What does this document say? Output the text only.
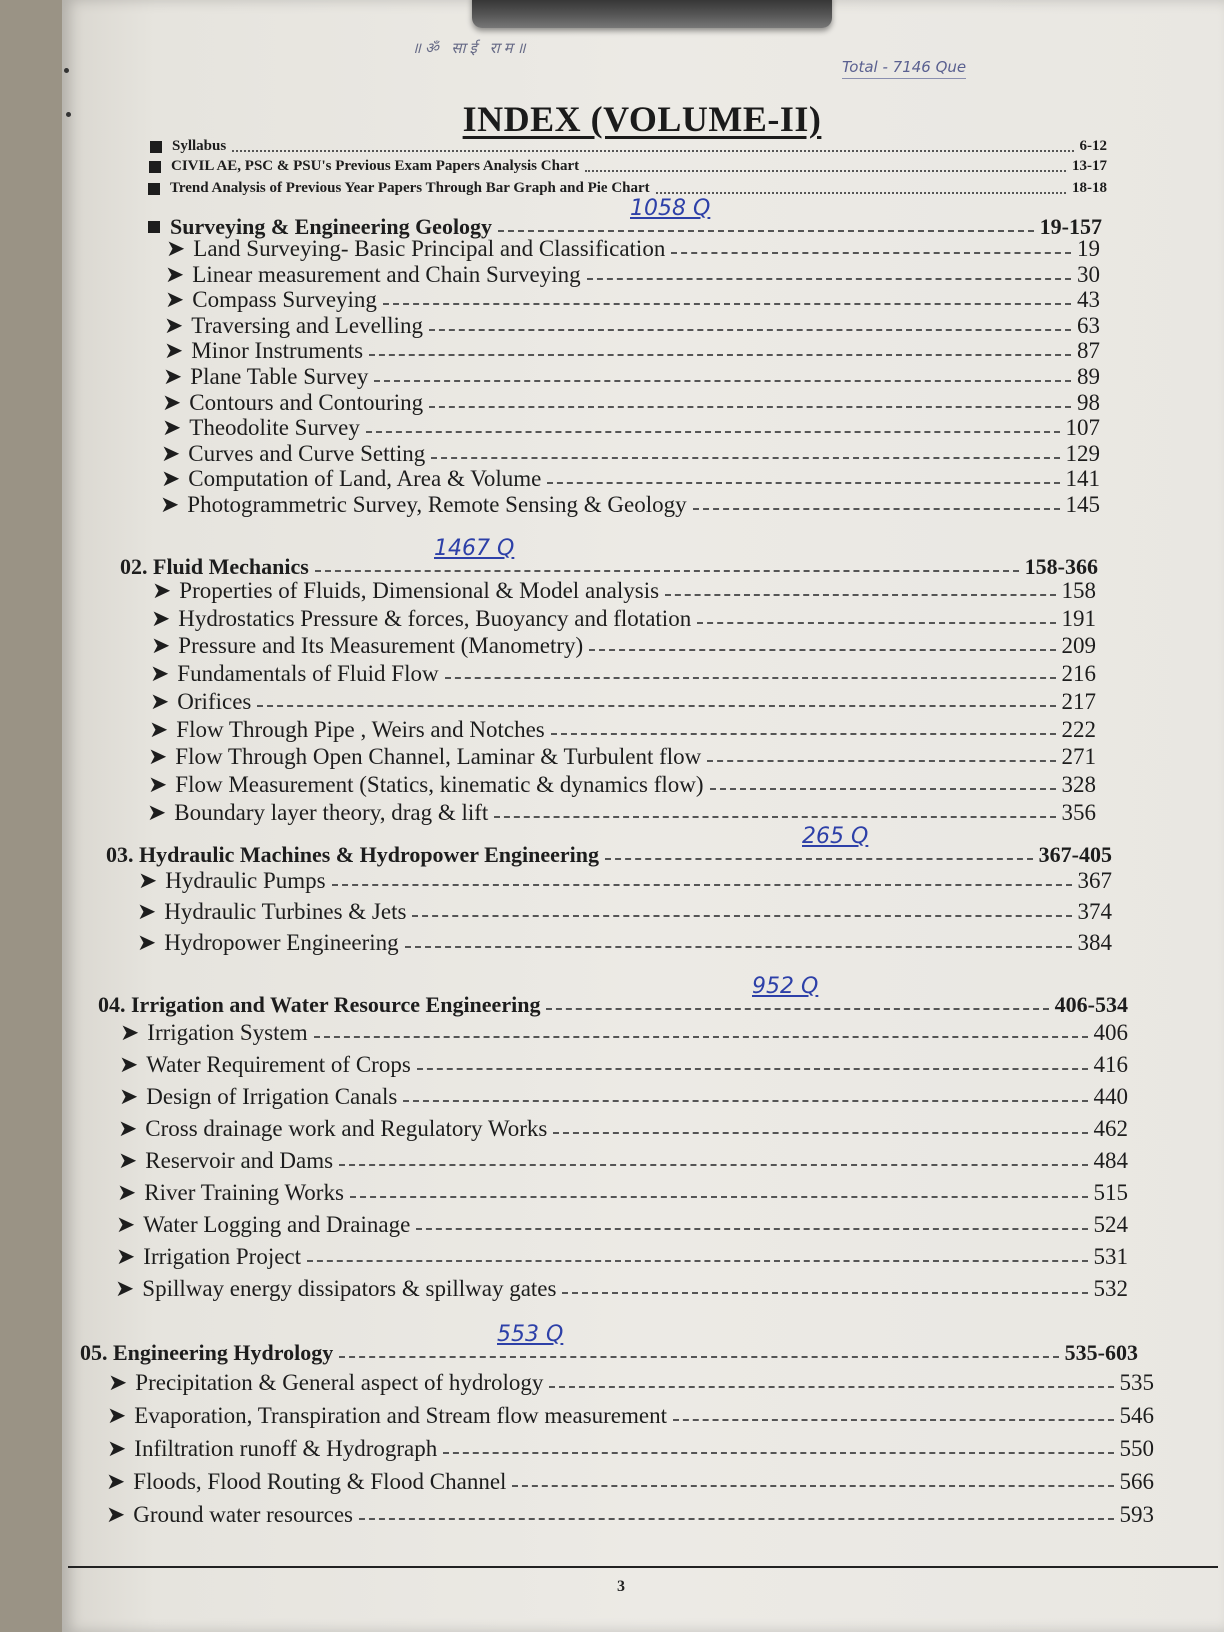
॥ॐ साई राम॥
Total - 7146 Que
INDEX (VOLUME-II)
Syllabus	6-12
CIVIL AE, PSC & PSU's Previous Exam Papers Analysis Chart	13-17
Trend Analysis of Previous Year Papers Through Bar Graph and Pie Chart	18-18
Surveying & Engineering Geology	19-157
1058 Q
➤ Land Surveying- Basic Principal and Classification	19
➤ Linear measurement and Chain Surveying	30
➤ Compass Surveying	43
➤ Traversing and Levelling	63
➤ Minor Instruments	87
➤ Plane Table Survey	89
➤ Contours and Contouring	98
➤ Theodolite Survey	107
➤ Curves and Curve Setting	129
➤ Computation of Land, Area & Volume	141
➤ Photogrammetric Survey, Remote Sensing & Geology	145
02. Fluid Mechanics	158-366
1467 Q
➤ Properties of Fluids, Dimensional & Model analysis	158
➤ Hydrostatics Pressure & forces, Buoyancy and flotation	191
➤ Pressure and Its Measurement (Manometry)	209
➤ Fundamentals of Fluid Flow	216
➤ Orifices	217
➤ Flow Through Pipe , Weirs and Notches	222
➤ Flow Through Open Channel, Laminar & Turbulent flow	271
➤ Flow Measurement (Statics, kinematic & dynamics flow)	328
➤ Boundary layer theory, drag & lift	356
03. Hydraulic Machines & Hydropower Engineering	367-405
265 Q
➤ Hydraulic Pumps	367
➤ Hydraulic Turbines & Jets	374
➤ Hydropower Engineering	384
04. Irrigation and Water Resource Engineering	406-534
952 Q
➤ Irrigation System	406
➤ Water Requirement of Crops	416
➤ Design of Irrigation Canals	440
➤ Cross drainage work and Regulatory Works	462
➤ Reservoir and Dams	484
➤ River Training Works	515
➤ Water Logging and Drainage	524
➤ Irrigation Project	531
➤ Spillway energy dissipators & spillway gates	532
05. Engineering Hydrology	535-603
553 Q
➤ Precipitation & General aspect of hydrology	535
➤ Evaporation, Transpiration and Stream flow measurement	546
➤ Infiltration runoff & Hydrograph	550
➤ Floods, Flood Routing & Flood Channel	566
➤ Ground water resources	593
3
